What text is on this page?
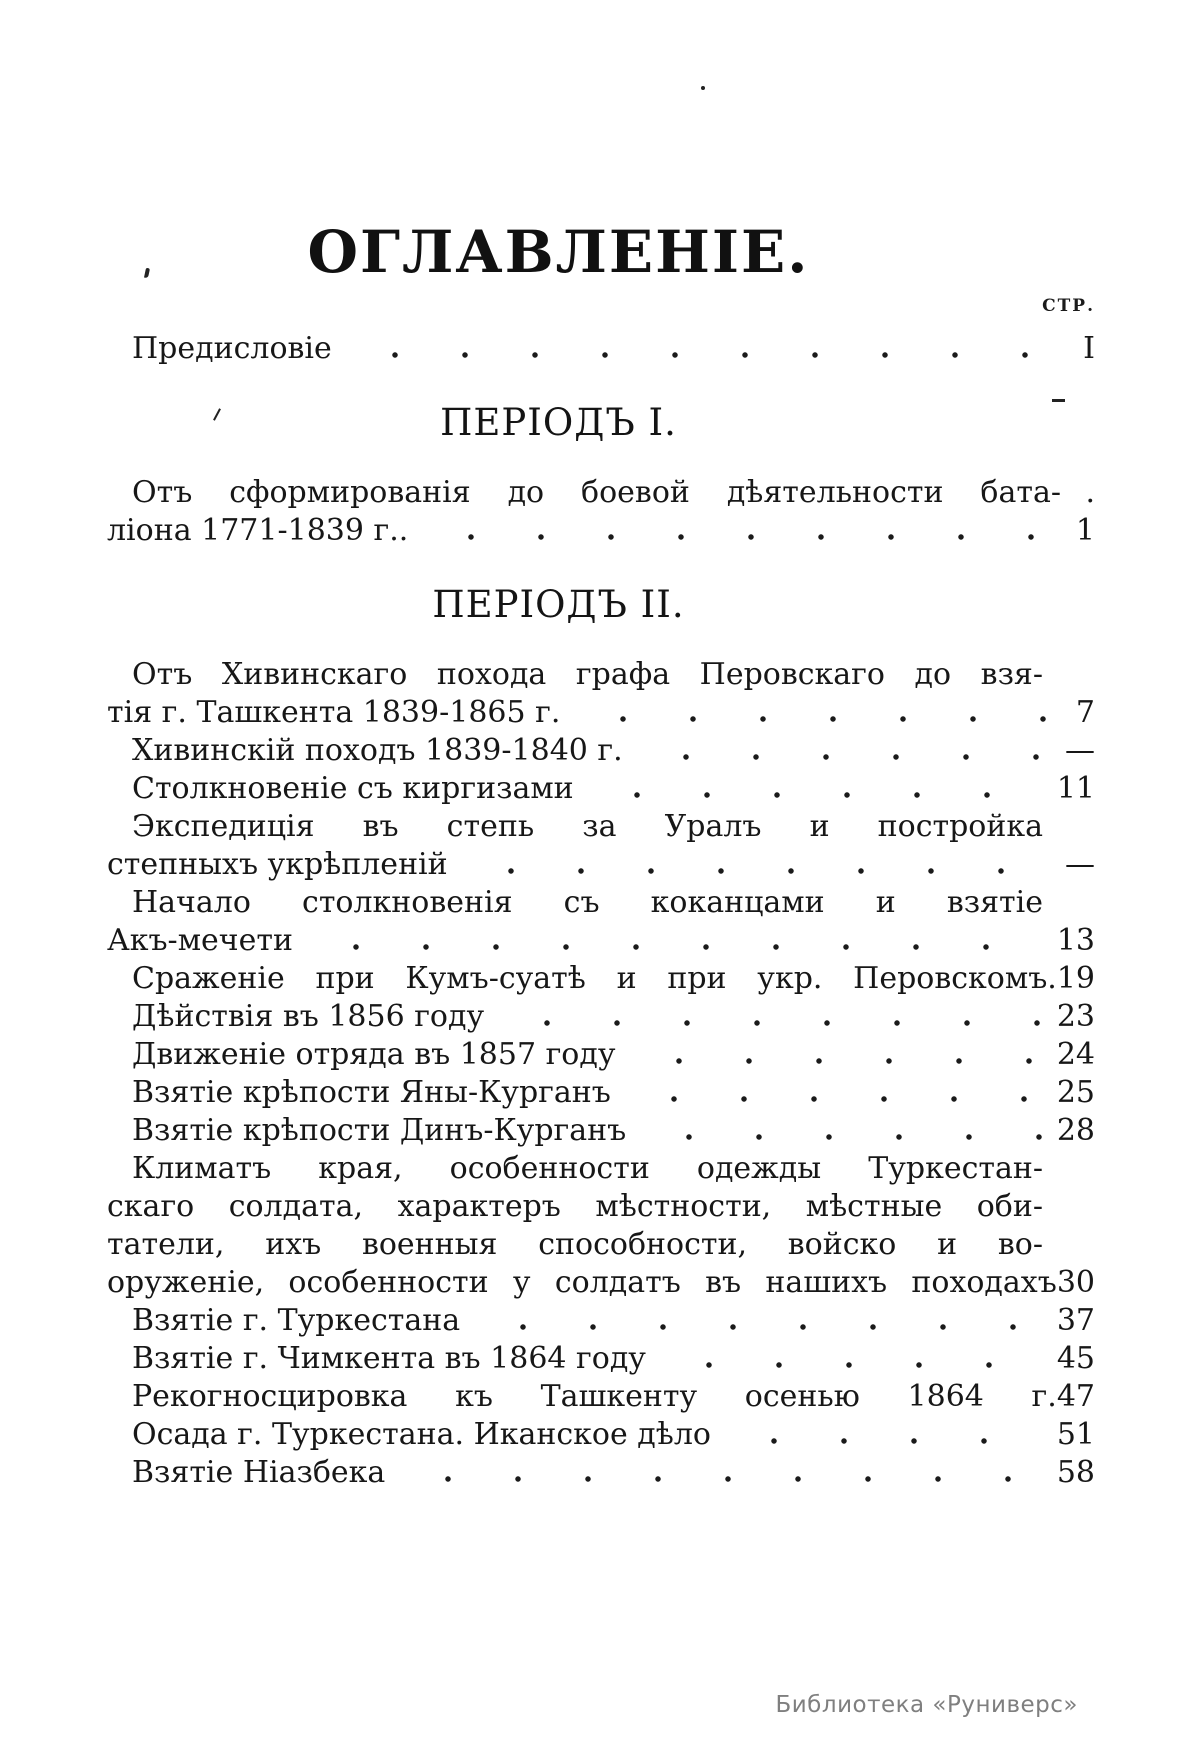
ОГЛАВЛЕНІЕ.
СТР.
Предисловіе	I
ПЕРІОДЪ I.
Отъ сформированія до боевой дѣятельности бата- .
ліона 1771-1839 г..	1
ПЕРІОДЪ II.
Отъ Хивинскаго похода графа Перовскаго до взя-
тія г. Ташкента 1839-1865 г.	7
Хивинскій походъ 1839-1840 г.	—
Столкновеніе съ киргизами	11
Экспедиція въ степь за Уралъ и постройка
степныхъ укрѣпленій	—
Начало столкновенія съ коканцами и взятіе
Акъ-мечети	13
Сраженіе при Кумъ-суатѣ и при укр. Перовскомъ. 19
Дѣйствія въ 1856 году	23
Движеніе отряда въ 1857 году	24
Взятіе крѣпости Яны-Курганъ	25
Взятіе крѣпости Динъ-Курганъ	28
Климатъ края, особенности одежды Туркестан-
скаго солдата, характеръ мѣстности, мѣстные оби-
татели, ихъ военныя способности, войско и во-
оруженіе, особенности у солдатъ въ нашихъ походахъ 30
Взятіе г. Туркестана	37
Взятіе г. Чимкента въ 1864 году	45
Рекогносцировка къ Ташкенту осенью 1864 г. 47
Осада г. Туркестана. Иканское дѣло	51
Взятіе Ніазбека	58
Библиотека «Руниверс»
